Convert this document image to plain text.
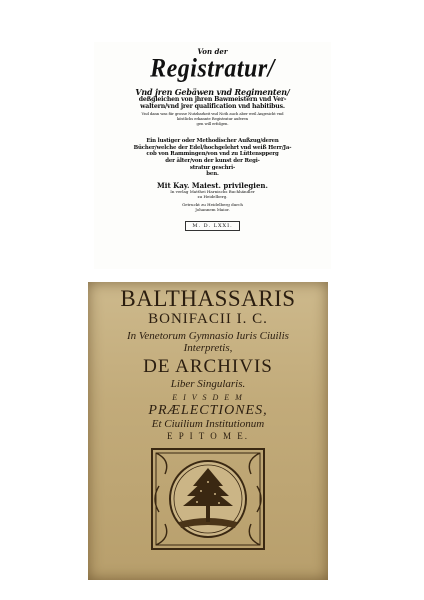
Von der
Registratur/
Vnd jren Gebäwen vnd Regimenten/
deßgleichen von jhren Bawmeistern vnd Ver-
waltern/vnd jrer qualification vnd habitibus.
Vnd dann was für grosse Nutzbarkeit vnd Noth auch aber weil Angesicht vnd
köstlichs erkannte Registratur auferen
gen will erfolgen.
Ein lustiger oder Methodischer Außzug/deren
Bücher/welche der Edel/hochgelehrt vnd weiß Herr/Ja-
cob von Rammingen/von vnd zu Lüttenspperg
der älter/von der kunst der Regi-
stratur geschri-
ben.
Mit Kay. Maiest. privilegien.
In verlag Matthei Harnischs Buchhändler
zu Heidelberg.
Getruckt zu Heidelberg durch
Johannem Maior.
M. D. LXXI.
BALTHASSARIS
BONIFACII I. C.
In Venetorum Gymnasio Iuris Ciuilis
Interpretis,
DE ARCHIVIS
Liber Singularis.
E I V S D E M
PRÆLECTIONES,
Et Ciuilium Institutionum
E P I T O M E.
